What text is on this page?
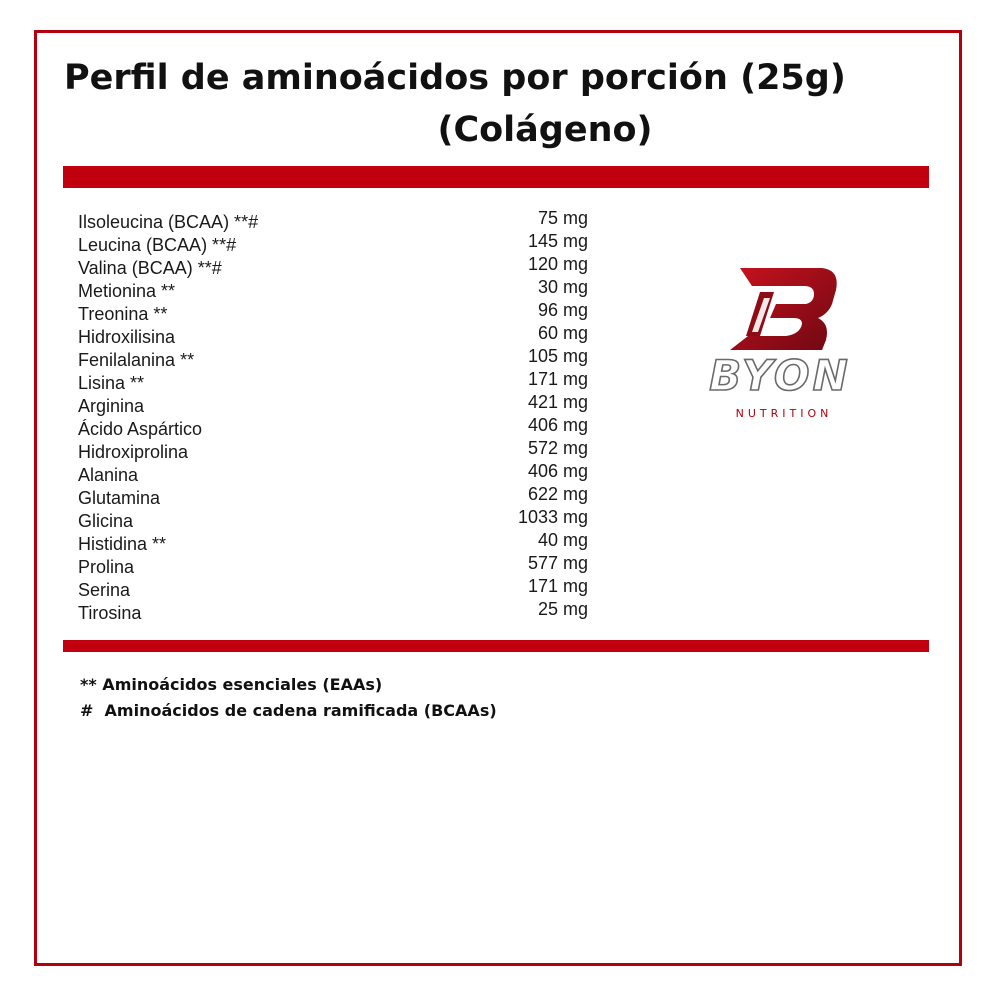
Perfil de aminoácidos por porción (25g)
(Colágeno)
Ilsoleucina (BCAA) **#	75 mg
Leucina (BCAA) **#	145 mg
Valina (BCAA) **#	120 mg
Metionina **	30 mg
Treonina **	96 mg
Hidroxilisina	60 mg
Fenilalanina **	105 mg
Lisina **	171 mg
Arginina	421 mg
Ácido Aspártico	406 mg
Hidroxiprolina	572 mg
Alanina	406 mg
Glutamina	622 mg
Glicina	1033 mg
Histidina **	40 mg
Prolina	577 mg
Serina	171 mg
Tirosina	25 mg
BYON
NUTRITION
** Aminoácidos esenciales (EAAs)
#  Aminoácidos de cadena ramificada (BCAAs)
